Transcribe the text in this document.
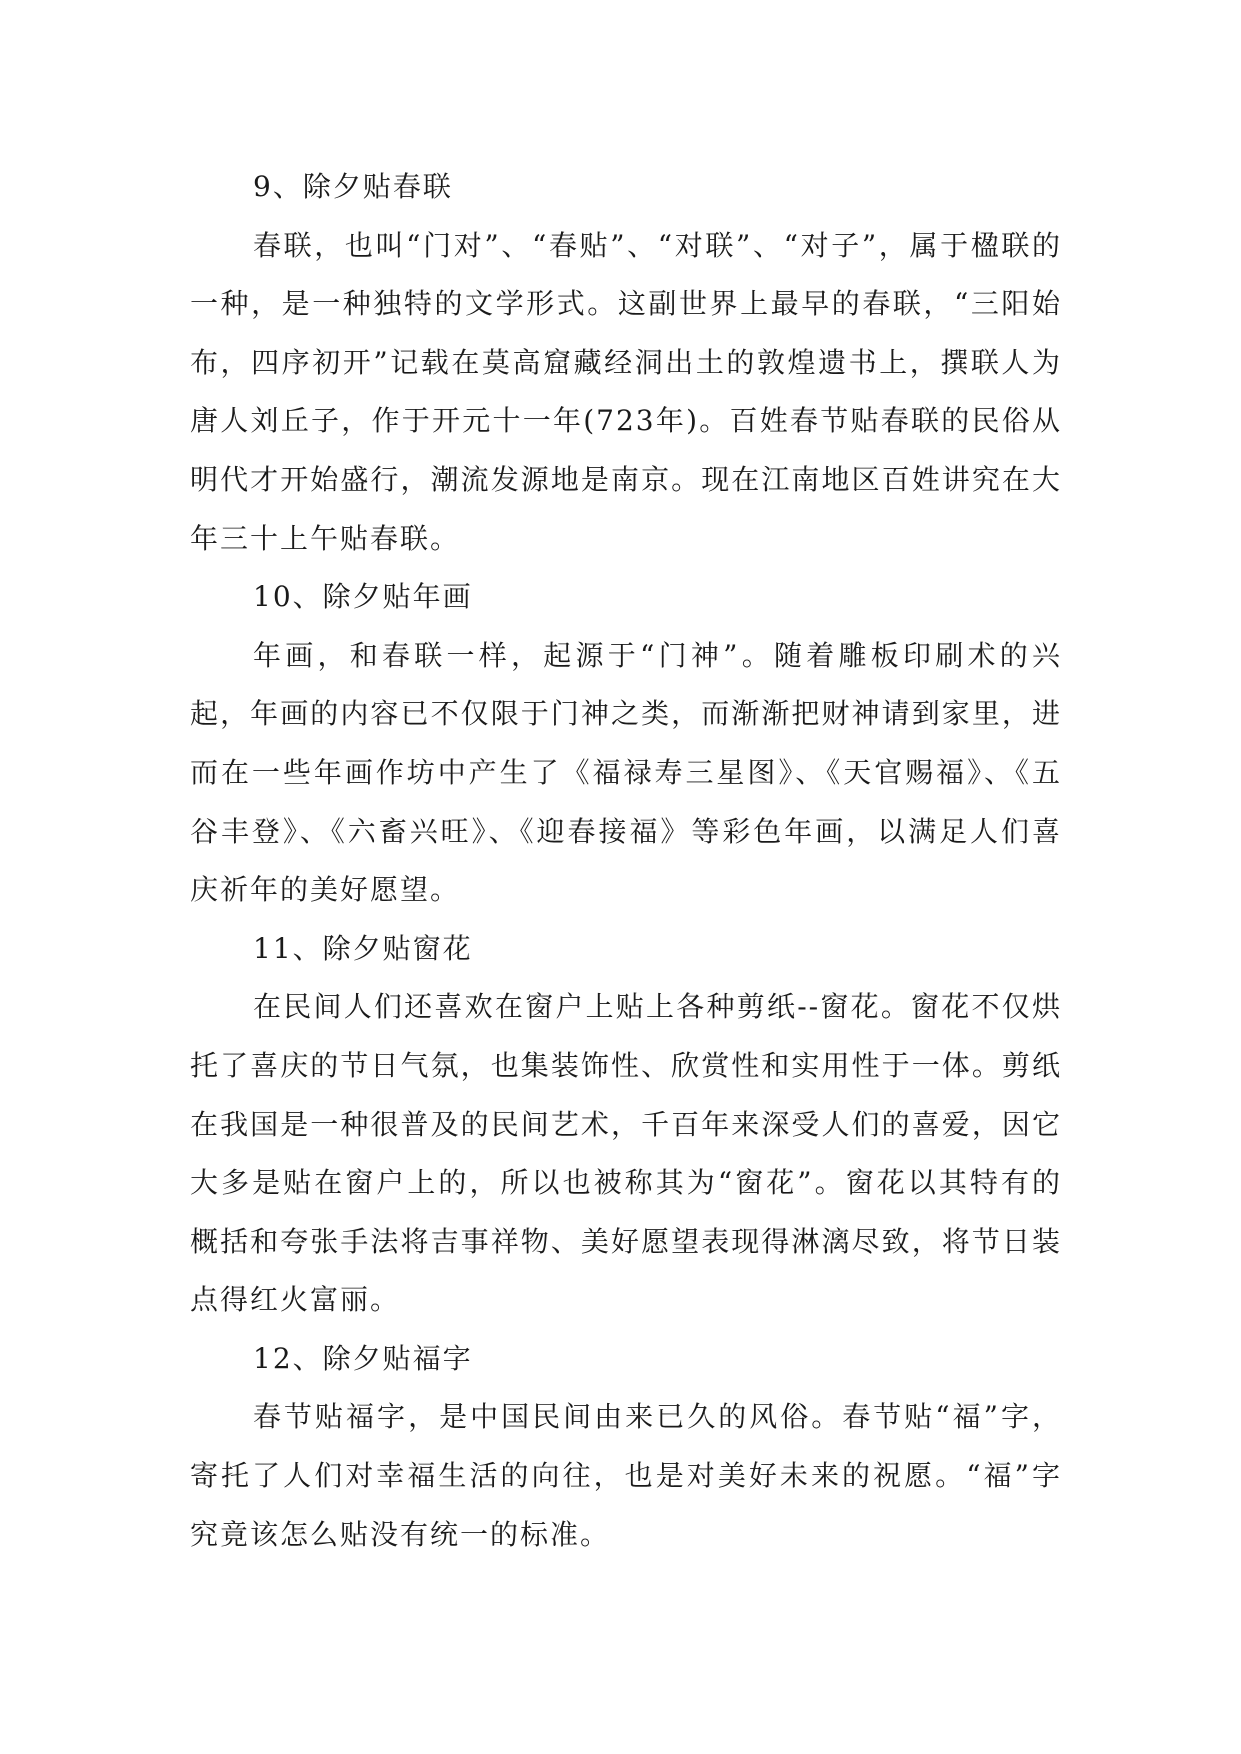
9、除夕贴春联

春联，也叫“门对”、“春贴”、“对联”、“对子”，属于楹联的一种，是一种独特的文学形式。这副世界上最早的春联，“三阳始布，四序初开”记载在莫高窟藏经洞出土的敦煌遗书上，撰联人为唐人刘丘子，作于开元十一年(723年)。百姓春节贴春联的民俗从明代才开始盛行，潮流发源地是南京。现在江南地区百姓讲究在大年三十上午贴春联。

10、除夕贴年画

年画，和春联一样，起源于“门神”。随着雕板印刷术的兴起，年画的内容已不仅限于门神之类，而渐渐把财神请到家里，进而在一些年画作坊中产生了《福禄寿三星图》、《天官赐福》、《五谷丰登》、《六畜兴旺》、《迎春接福》等彩色年画，以满足人们喜庆祈年的美好愿望。

11、除夕贴窗花

在民间人们还喜欢在窗户上贴上各种剪纸--窗花。窗花不仅烘托了喜庆的节日气氛，也集装饰性、欣赏性和实用性于一体。剪纸在我国是一种很普及的民间艺术，千百年来深受人们的喜爱，因它大多是贴在窗户上的，所以也被称其为“窗花”。窗花以其特有的概括和夸张手法将吉事祥物、美好愿望表现得淋漓尽致，将节日装点得红火富丽。

12、除夕贴福字

春节贴福字，是中国民间由来已久的风俗。春节贴“福”字，寄托了人们对幸福生活的向往，也是对美好未来的祝愿。“福”字究竟该怎么贴没有统一的标准。
